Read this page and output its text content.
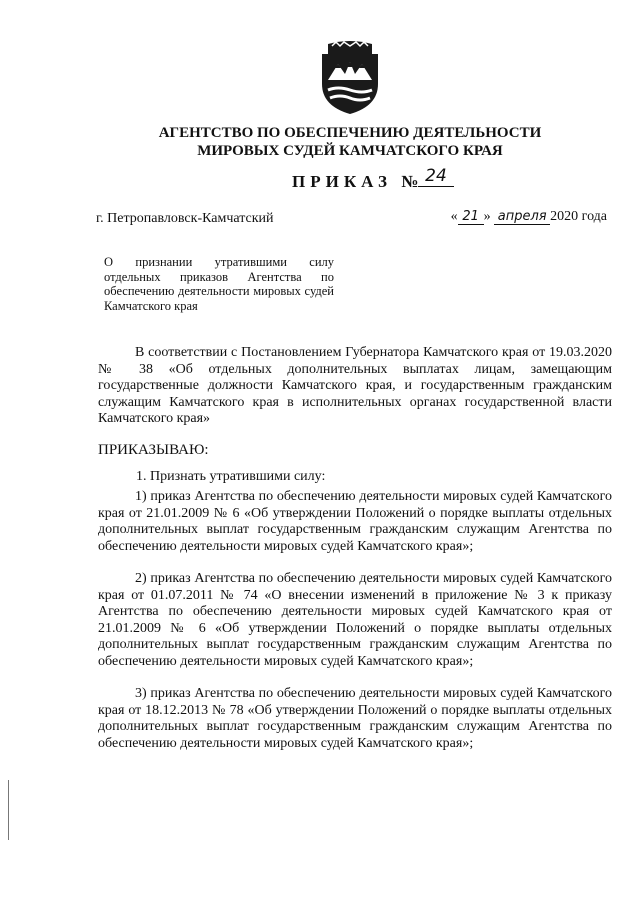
АГЕНТСТВО ПО ОБЕСПЕЧЕНИЮ ДЕЯТЕЛЬНОСТИ
МИРОВЫХ СУДЕЙ КАМЧАТСКОГО КРАЯ
ПРИКАЗ № 24
г. Петропавловск-Камчатский	« 21 » апреля 2020 года
О признании утратившими силу отдельных приказов Агентства по обеспечению деятельности мировых судей Камчатского края
В соответствии с Постановлением Губернатора Камчатского края от 19.03.2020 № 38 «Об отдельных дополнительных выплатах лицам, замещающим государственные должности Камчатского края, и государственным гражданским служащим Камчатского края в исполнительных органах государственной власти Камчатского края»
ПРИКАЗЫВАЮ:
1. Признать утратившими силу:

1) приказ Агентства по обеспечению деятельности мировых судей Камчатского края от 21.01.2009 № 6 «Об утверждении Положений о порядке выплаты отдельных дополнительных выплат государственным гражданским служащим Агентства по обеспечению деятельности мировых судей Камчатского края»;

2) приказ Агентства по обеспечению деятельности мировых судей Камчатского края от 01.07.2011 № 74 «О внесении изменений в приложение № 3 к приказу Агентства по обеспечению деятельности мировых судей Камчатского края от 21.01.2009 № 6 «Об утверждении Положений о порядке выплаты отдельных дополнительных выплат государственным гражданским служащим Агентства по обеспечению деятельности мировых судей Камчатского края»;

3) приказ Агентства по обеспечению деятельности мировых судей Камчатского края от 18.12.2013 № 78 «Об утверждении Положений о порядке выплаты отдельных дополнительных выплат государственным гражданским служащим Агентства по обеспечению деятельности мировых судей Камчатского края»;
